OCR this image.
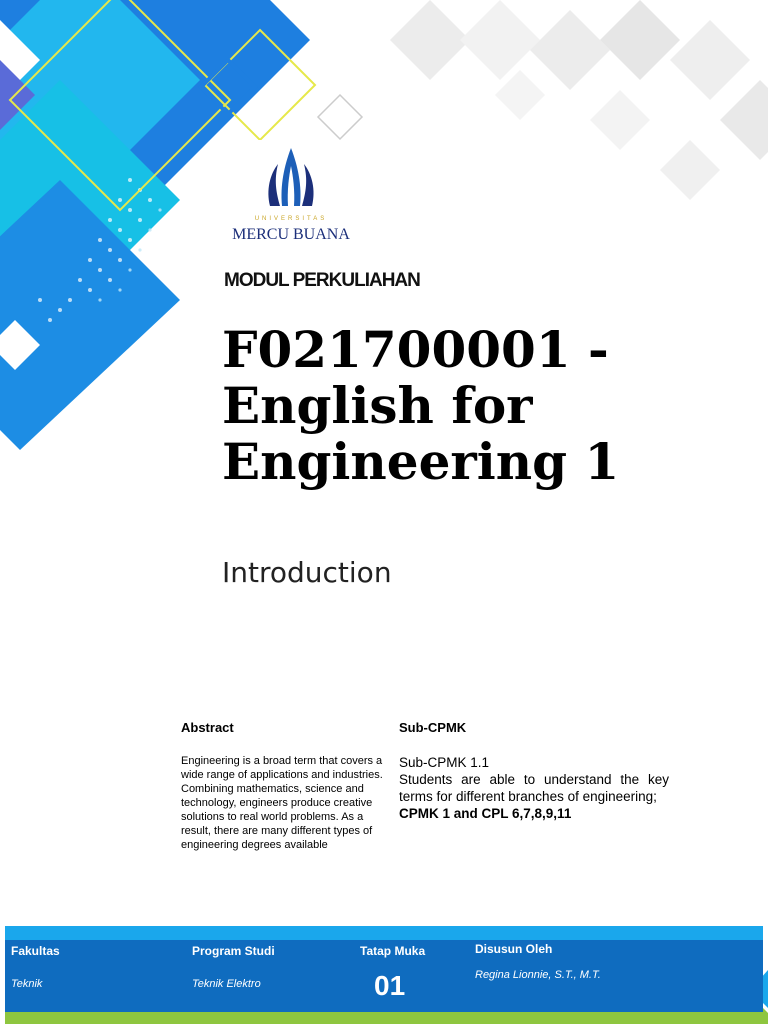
UNIVERSITAS
MERCU BUANA
MODUL PERKULIAHAN
F021700001 -
English for
Engineering 1
Introduction
Abstract
Engineering is a broad term that covers a wide range of applications and industries. Combining mathematics, science and technology, engineers produce creative solutions to real world problems. As a result, there are many different types of engineering degrees available
Sub-CPMK
Sub-CPMK 1.1
Students are able to understand the key terms for different branches of engineering;
CPMK 1 and CPL 6,7,8,9,11
Fakultas
Teknik
Program Studi
Teknik Elektro
Tatap Muka
01
Disusun Oleh
Regina Lionnie, S.T., M.T.
